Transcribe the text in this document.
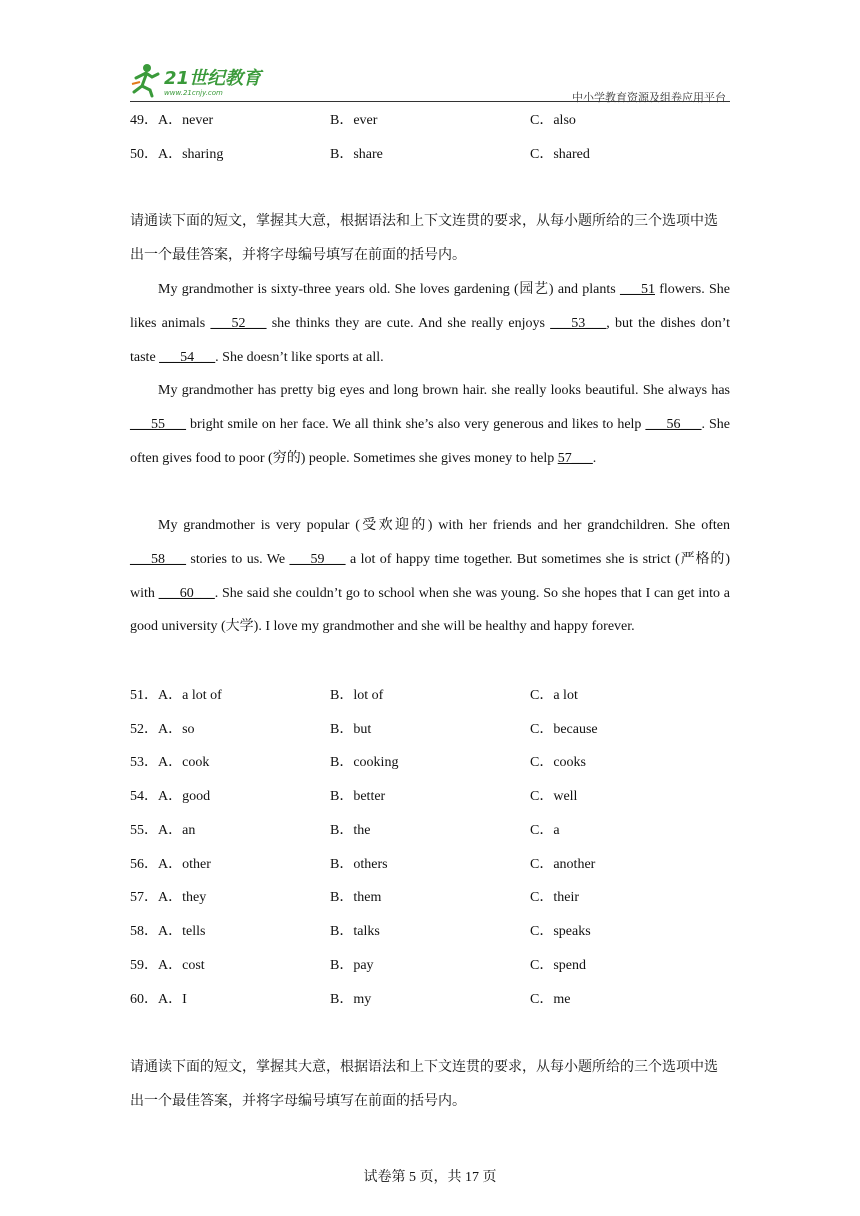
21世纪教育
www.21cnjy.com	中小学教育资源及组卷应用平台
49．A．never	B．ever	C．also
50．A．sharing	B．share	C．shared
请通读下面的短文，掌握其大意，根据语法和上下文连贯的要求，从每小题所给的三个选项中选出一个最佳答案，并将字母编号填写在前面的括号内。
My grandmother is sixty-three years old. She loves gardening (园艺) and plants ___51 flowers. She likes animals ___52___ she thinks they are cute. And she really enjoys ___53___, but the dishes don’t taste ___54___. She doesn’t like sports at all.
My grandmother has pretty big eyes and long brown hair. she really looks beautiful. She always has ___55___ bright smile on her face. We all think she’s also very generous and likes to help ___56___. She often gives food to poor (穷的) people. Sometimes she gives money to help 57___.
My grandmother is very popular (受欢迎的) with her friends and her grandchildren. She often ___58___ stories to us. We ___59___ a lot of happy time together. But sometimes she is strict (严格的) with ___60___. She said she couldn’t go to school when she was young. So she hopes that I can get into a good university (大学). I love my grandmother and she will be healthy and happy forever.
51．A．a lot of	B．lot of	C．a lot
52．A．so	B．but	C．because
53．A．cook	B．cooking	C．cooks
54．A．good	B．better	C．well
55．A．an	B．the	C．a
56．A．other	B．others	C．another
57．A．they	B．them	C．their
58．A．tells	B．talks	C．speaks
59．A．cost	B．pay	C．spend
60．A．I	B．my	C．me
请通读下面的短文，掌握其大意，根据语法和上下文连贯的要求，从每小题所给的三个选项中选出一个最佳答案，并将字母编号填写在前面的括号内。
试卷第 5 页，共 17 页
